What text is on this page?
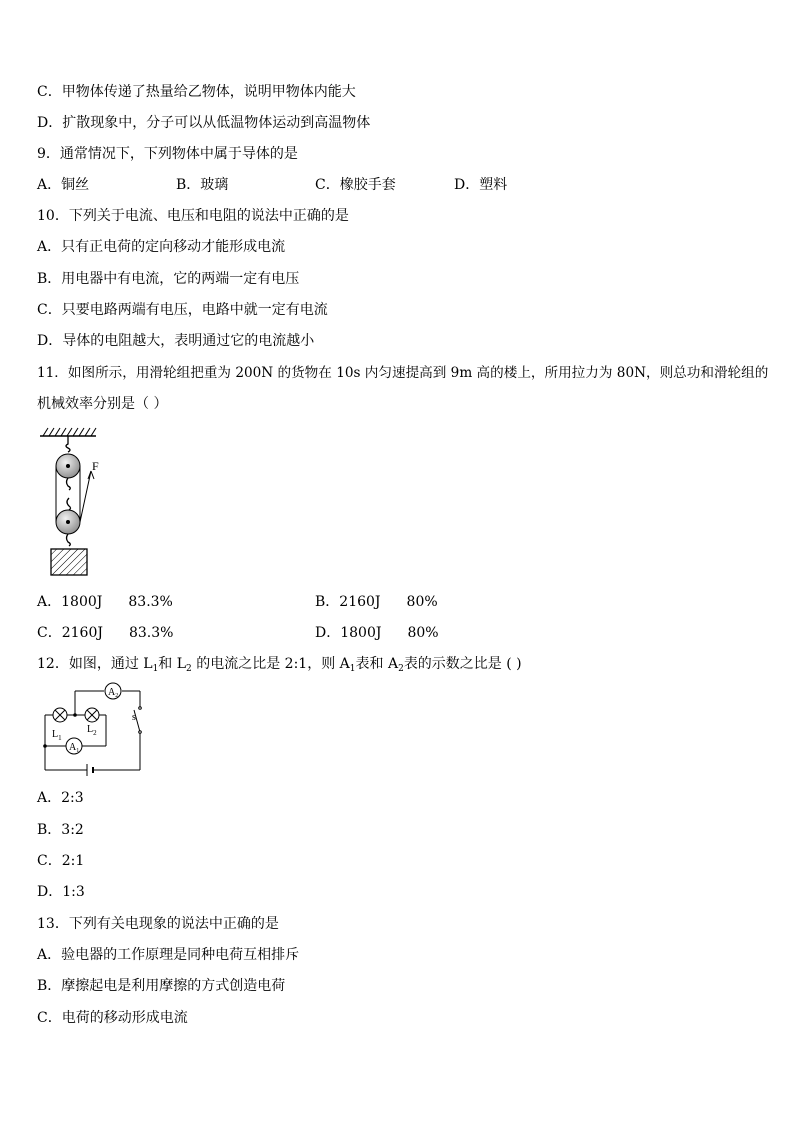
C．甲物体传递了热量给乙物体，说明甲物体内能大
D．扩散现象中，分子可以从低温物体运动到高温物体
9．通常情况下，下列物体中属于导体的是
A．铜丝	B．玻璃	C．橡胶手套	D．塑料
10．下列关于电流、电压和电阻的说法中正确的是
A．只有正电荷的定向移动才能形成电流
B．用电器中有电流，它的两端一定有电压
C．只要电路两端有电压，电路中就一定有电流
D．导体的电阻越大，表明通过它的电流越小
11．如图所示，用滑轮组把重为 200N 的货物在 10s 内匀速提高到 9m 高的楼上，所用拉力为 80N，则总功和滑轮组的
机械效率分别是（ ）
F
A．1800J 83.3%	B．2160J 80%
C．2160J 83.3%	D．1800J 80%
12．如图，通过 $L_1$和 $L_2$ 的电流之比是 2:1，则 $A_1$表和 $A_2$表的示数之比是 ( )
s
$L_1$
$L_2$
$A_2$
$A_1$
A．2:3
B．3:2
C．2:1
D．1:3
13．下列有关电现象的说法中正确的是
A．验电器的工作原理是同种电荷互相排斥
B．摩擦起电是利用摩擦的方式创造电荷
C．电荷的移动形成电流
